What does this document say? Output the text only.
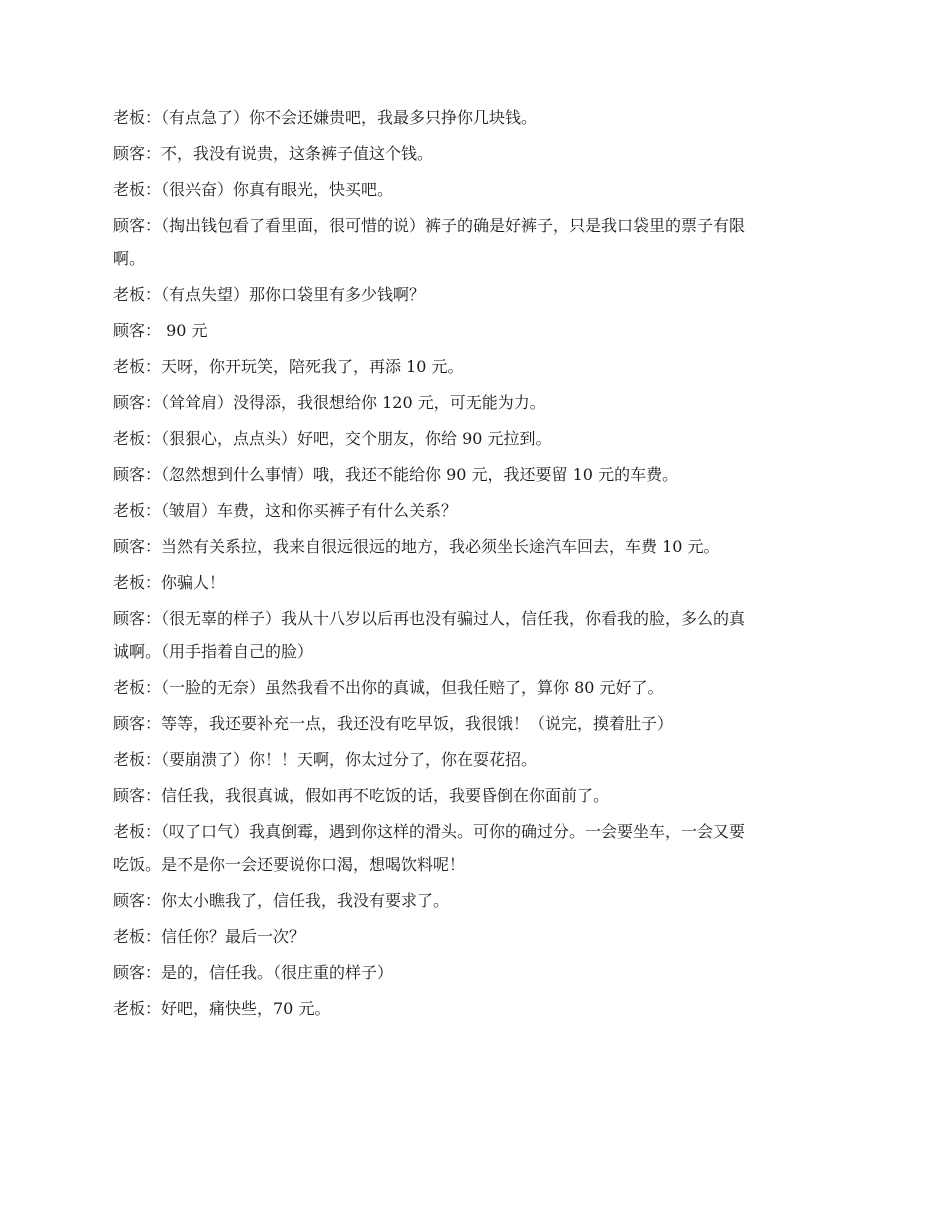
老板：（有点急了）你不会还嫌贵吧，我最多只挣你几块钱。

顾客：不，我没有说贵，这条裤子值这个钱。

老板：（很兴奋）你真有眼光，快买吧。

顾客：（掏出钱包看了看里面，很可惜的说）裤子的确是好裤子，只是我口袋里的票子有限

啊。

老板：（有点失望）那你口袋里有多少钱啊？

顾客： 90 元

老板：天呀，你开玩笑，陪死我了，再添 10 元。

顾客：（耸耸肩）没得添，我很想给你 120 元，可无能为力。

老板：（狠狠心，点点头）好吧，交个朋友，你给 90 元拉到。

顾客：（忽然想到什么事情）哦，我还不能给你 90 元，我还要留 10 元的车费。

老板：（皱眉）车费，这和你买裤子有什么关系？

顾客：当然有关系拉，我来自很远很远的地方，我必须坐长途汽车回去，车费 10 元。

老板：你骗人！

顾客：（很无辜的样子）我从十八岁以后再也没有骗过人，信任我，你看我的脸，多么的真

诚啊。（用手指着自己的脸）

老板：（一脸的无奈）虽然我看不出你的真诚，但我任赔了，算你 80 元好了。

顾客：等等，我还要补充一点，我还没有吃早饭，我很饿！（说完，摸着肚子）

老板：（要崩溃了）你！！天啊，你太过分了，你在耍花招。

顾客：信任我，我很真诚，假如再不吃饭的话，我要昏倒在你面前了。

老板：（叹了口气）我真倒霉，遇到你这样的滑头。可你的确过分。一会要坐车，一会又要

吃饭。是不是你一会还要说你口渴，想喝饮料呢！

顾客：你太小瞧我了，信任我，我没有要求了。

老板：信任你？最后一次？

顾客：是的，信任我。（很庄重的样子）

老板：好吧，痛快些，70 元。
